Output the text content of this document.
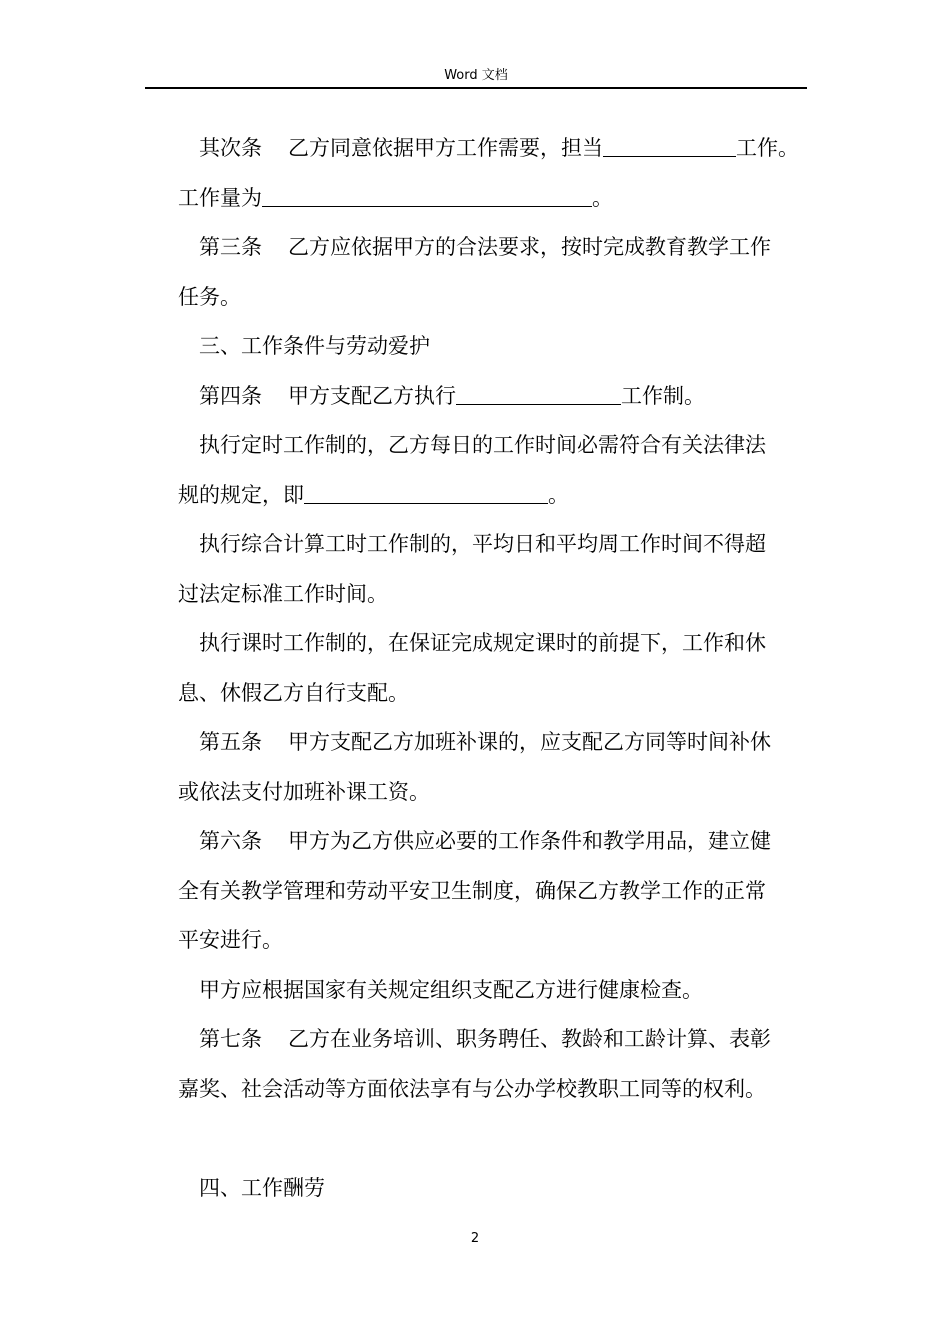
Word 文档
其次条 乙方同意依据甲方工作需要，担当	工作。
工作量为	。
第三条 乙方应依据甲方的合法要求，按时完成教育教学工作
任务。
三、工作条件与劳动爱护
第四条 甲方支配乙方执行	工作制。
执行定时工作制的，乙方每日的工作时间必需符合有关法律法
规的规定，即	。
执行综合计算工时工作制的，平均日和平均周工作时间不得超
过法定标准工作时间。
执行课时工作制的，在保证完成规定课时的前提下，工作和休
息、休假乙方自行支配。
第五条 甲方支配乙方加班补课的，应支配乙方同等时间补休
或依法支付加班补课工资。
第六条 甲方为乙方供应必要的工作条件和教学用品，建立健
全有关教学管理和劳动平安卫生制度，确保乙方教学工作的正常
平安进行。
甲方应根据国家有关规定组织支配乙方进行健康检查。
第七条 乙方在业务培训、职务聘任、教龄和工龄计算、表彰
嘉奖、社会活动等方面依法享有与公办学校教职工同等的权利。
四、工作酬劳
2
